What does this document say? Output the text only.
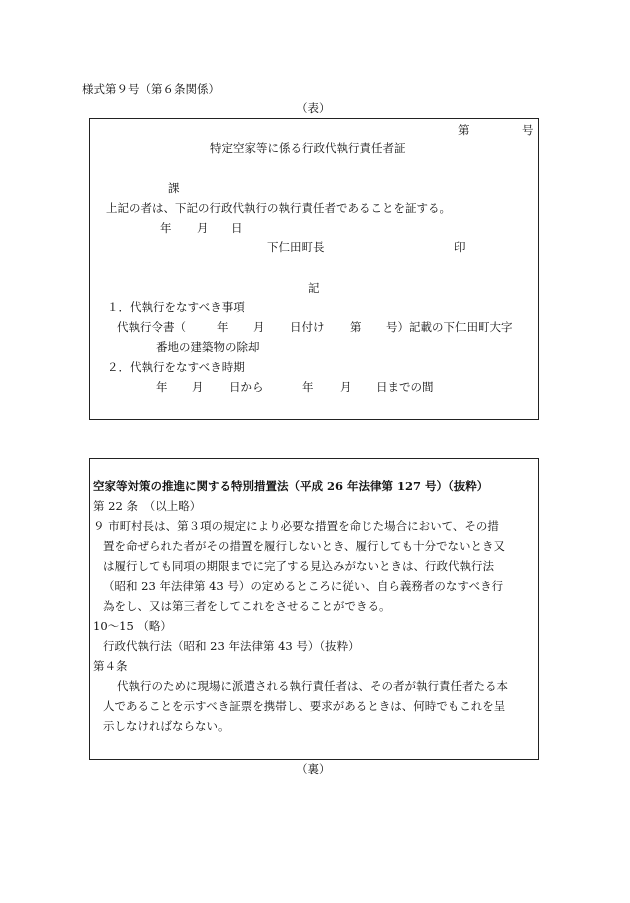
様式第９号（第６条関係）
（表）
第	号
特定空家等に係る行政代執行責任者証
課
上記の者は、下記の行政代執行の執行責任者であることを証する。
年 月 日
下仁田町長	印
記
１．代執行をなすべき事項
代執行令書（	年 月 日付け 第 号）記載の下仁田町大字
番地の建築物の除却
２．代執行をなすべき時期
年 月 日から	年 月 日までの間
空家等対策の推進に関する特別措置法（平成 26 年法律第 127 号）（抜粋）
第 22 条　（以上略）
９ 市町村長は、第３項の規定により必要な措置を命じた場合において、その措
置を命ぜられた者がその措置を履行しないとき、履行しても十分でないとき又
は履行しても同項の期限までに完了する見込みがないときは、行政代執行法
（昭和 23 年法律第 43 号）の定めるところに従い、自ら義務者のなすべき行
為をし、又は第三者をしてこれをさせることができる。
10〜15 （略）
行政代執行法（昭和 23 年法律第 43 号）（抜粋）
第４条
代執行のために現場に派遣される執行責任者は、その者が執行責任者たる本
人であることを示すべき証票を携帯し、要求があるときは、何時でもこれを呈
示しなければならない。
（裏）
